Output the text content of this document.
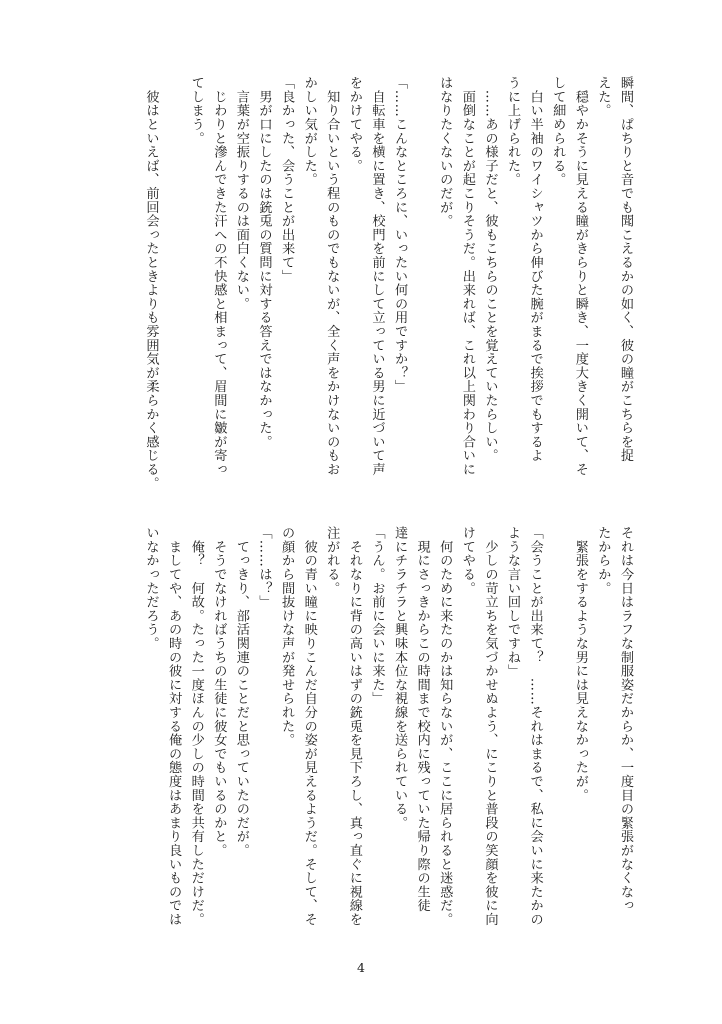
瞬間、ぱちりと音でも聞こえるかの如く、彼の瞳がこちらを捉
えた。
　穏やかそうに見える瞳がきらりと瞬き、一度大きく開いて、そ
して細められる。
　白い半袖のワイシャツから伸びた腕がまるで挨拶でもするよ
うに上げられた。
　……あの様子だと、彼もこちらのことを覚えていたらしい。
　面倒なことが起こりそうだ。出来れば、これ以上関わり合いに
はなりたくないのだが。
「……こんなところに、いったい何の用ですか？」
　自転車を横に置き、校門を前にして立っている男に近づいて声
をかけてやる。
　知り合いという程のものでもないが、全く声をかけないのもお
かしい気がした。
「良かった、会うことが出来て」
　男が口にしたのは銃兎の質問に対する答えではなかった。
　言葉が空振りするのは面白くない。
　じわりと滲んできた汗への不快感と相まって、眉間に皺が寄っ
てしまう。
　彼はといえば、前回会ったときよりも雰囲気が柔らかく感じる。
それは今日はラフな制服姿だからか、一度目の緊張がなくなっ
たからか。
　緊張をするような男には見えなかったが。
「会うことが出来て？　……それはまるで、私に会いに来たかの
ような言い回しですね」
　少しの苛立ちを気づかせぬよう、にこりと普段の笑顔を彼に向
けてやる。
　何のために来たのかは知らないが、ここに居られると迷惑だ。
　現にさっきからこの時間まで校内に残っていた帰り際の生徒
達にチラチラと興味本位な視線を送られている。
「うん。お前に会いに来た」
　それなりに背の高いはずの銃兎を見下ろし、真っ直ぐに視線を
注がれる。
　彼の青い瞳に映りこんだ自分の姿が見えるようだ。そして、そ
の顔から間抜けな声が発せられた。
「……は？」
　てっきり、部活関連のことだと思っていたのだが。
　そうでなければうちの生徒に彼女でもいるのかと。
　俺？　何故。たった一度ほんの少しの時間を共有しただけだ。
　ましてや、あの時の彼に対する俺の態度はあまり良いものでは
いなかっただろう。
4
